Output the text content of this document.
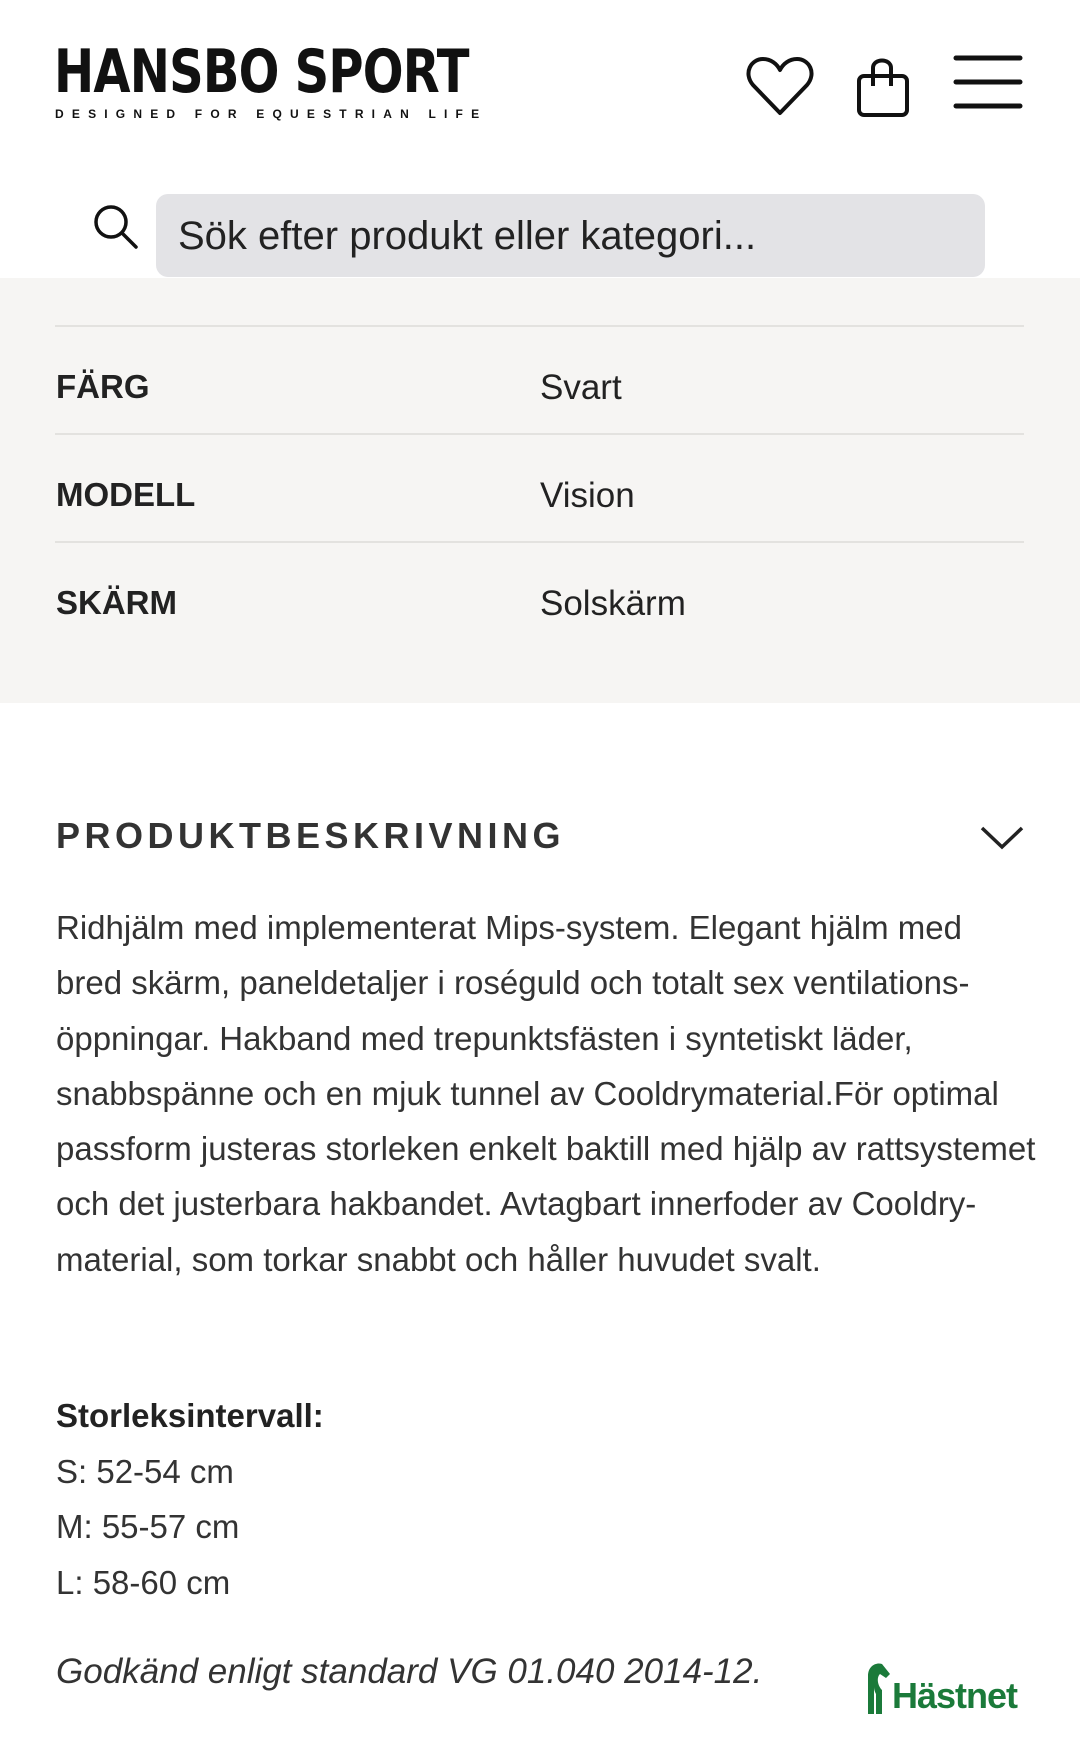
HANSBO SPORT
DESIGNED FOR EQUESTRIAN LIFE
Sök efter produkt eller kategori...
FÄRG	Svart
MODELL	Vision
SKÄRM	Solskärm
PRODUKTBESKRIVNING
Ridhjälm med implementerat Mips-system. Elegant hjälm med bred skärm, paneldetaljer i roséguld och totalt sex ventilations-öppningar. Hakband med trepunktsfästen i syntetiskt läder, snabbspänne och en mjuk tunnel av Cooldrymaterial.För optimal passform justeras storleken enkelt baktill med hjälp av rattsystemet och det justerbara hakbandet. Avtagbart innerfoder av Cooldry-material, som torkar snabbt och håller huvudet svalt.
Storleksintervall:
S: 52-54 cm
M: 55-57 cm
L: 58-60 cm
Godkänd enligt standard VG 01.040 2014-12.
Hästnet
